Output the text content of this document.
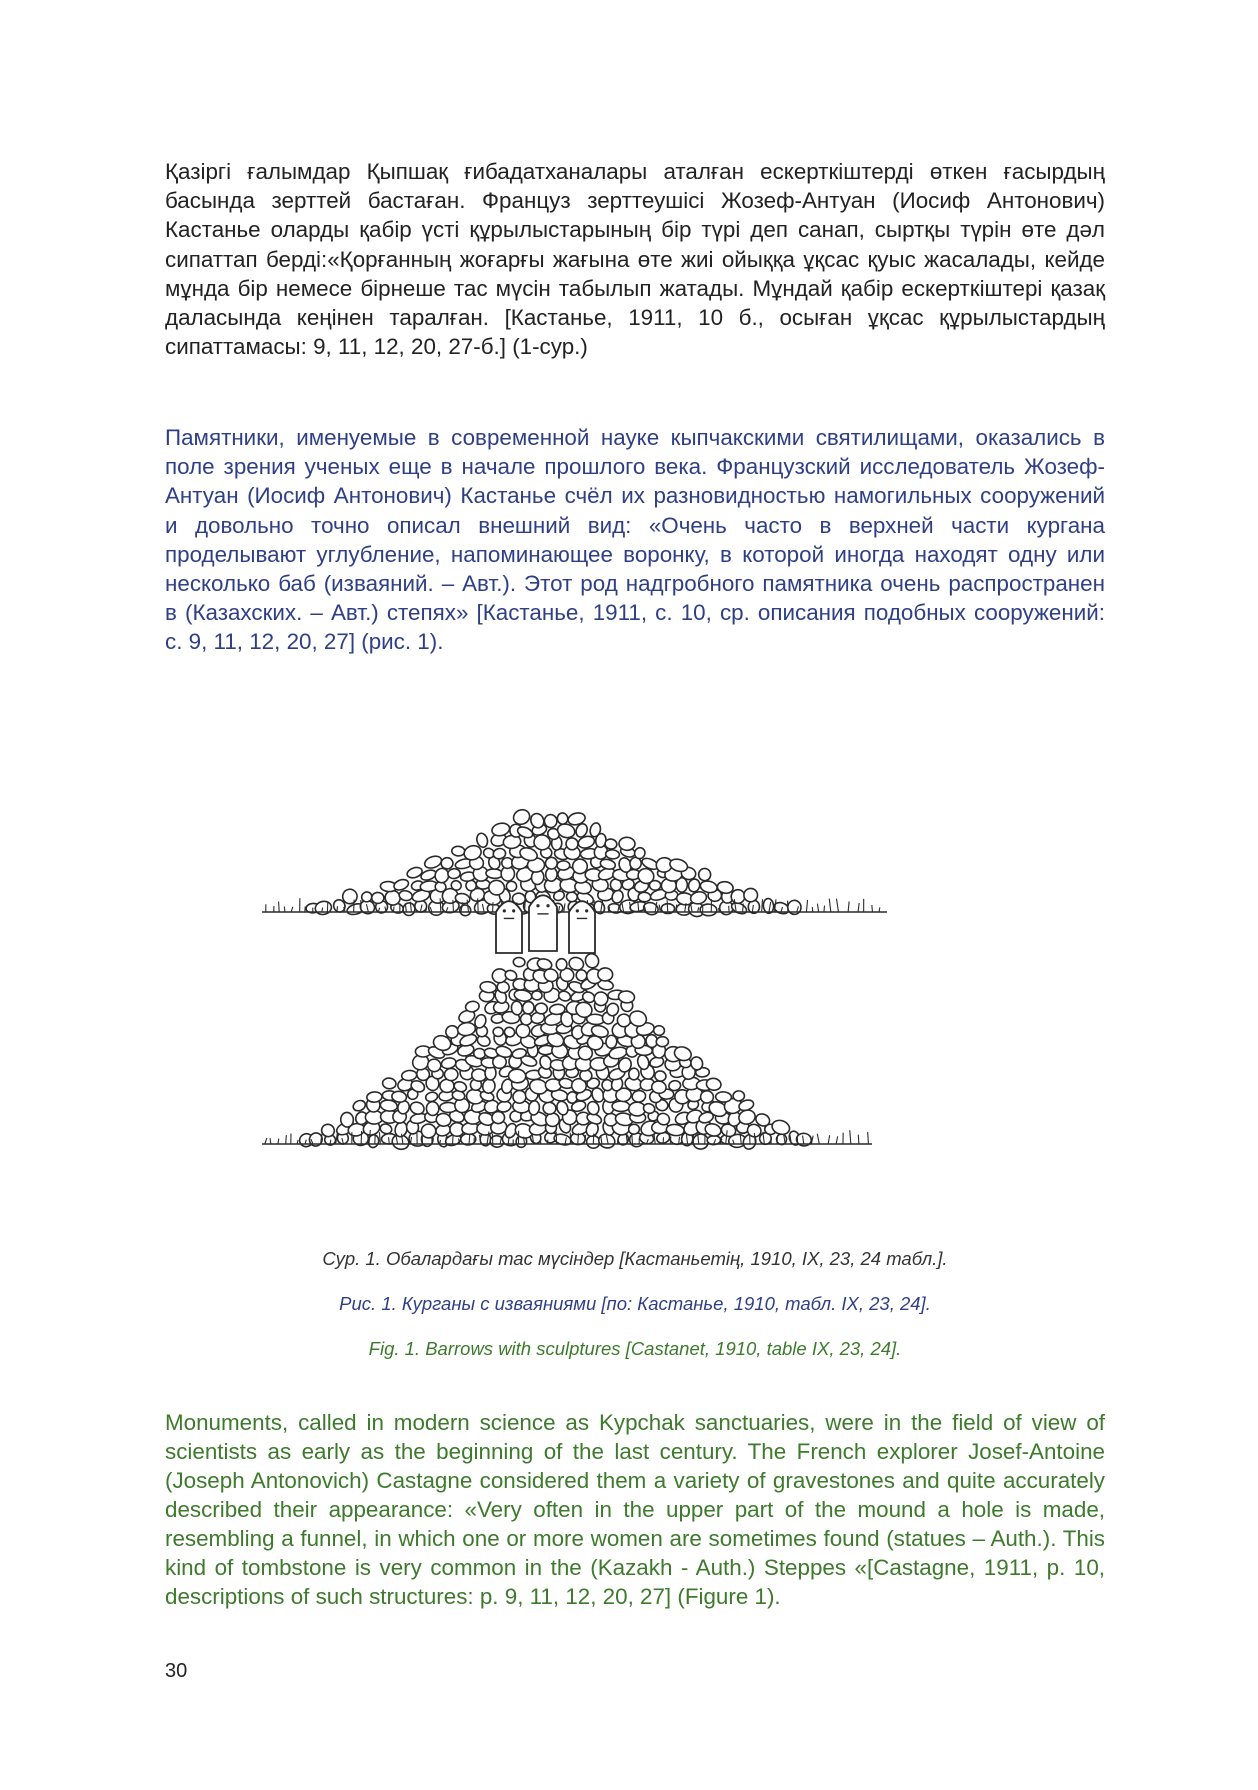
Қазіргі ғалымдар Қыпшақ ғибадатханалары аталған ескерткіштерді өткен ғасырдың басында зерттей бастаған. Француз зерттеушісі Жозеф-Антуан (Иосиф Антонович) Кастанье оларды қабір үсті құрылыстарының бір түрі деп санап, сыртқы түрін өте дәл сипаттап берді:«Қорғанның жоғарғы жағына өте жиі ойыққа ұқсас қуыс жасалады, кейде мұнда бір немесе бірнеше тас мүсін табылып жатады. Мұндай қабір ескерткіштері қазақ даласында кеңінен таралған. [Кастанье, 1911, 10 б., осыған ұқсас құрылыстардың сипаттамасы: 9, 11, 12, 20, 27-б.] (1-сур.)

Памятники, именуемые в современной науке кыпчакскими святилищами, оказались в поле зрения ученых еще в начале прошлого века. Французский исследователь Жозеф-Антуан (Иосиф Антонович) Кастанье счёл их разновидностью намогильных сооружений и довольно точно описал внешний вид: «Очень часто в верхней части кургана проделывают углубление, напоминающее воронку, в которой иногда находят одну или несколько баб (изваяний. – Авт.). Этот род надгробного памятника очень распространен в (Казахских. – Авт.) степях» [Кастанье, 1911, с. 10, ср. описания подобных сооружений: с. 9, 11, 12, 20, 27] (рис. 1).

Сур. 1. Обалардағы тас мүсіндер [Кастаньетің, 1910, IX, 23, 24 табл.].

Рис. 1. Курганы с изваяниями [по: Кастанье, 1910, табл. IX, 23, 24].

Fig. 1. Barrows with sculptures [Castanet, 1910, table IX, 23, 24].

Monuments, called in modern science as Kypchak sanctuaries, were in the field of view of scientists as early as the beginning of the last century. The French explorer Josef-Antoine (Joseph Antonovich) Castagne considered them a variety of gravestones and quite accurately described their appearance: «Very often in the upper part of the mound a hole is made, resembling a funnel, in which one or more women are sometimes found (statues – Auth.). This kind of tombstone is very common in the (Kazakh - Auth.) Steppes «[Castagne, 1911, p. 10, descriptions of such structures: p. 9, 11, 12, 20, 27] (Figure 1).

30
